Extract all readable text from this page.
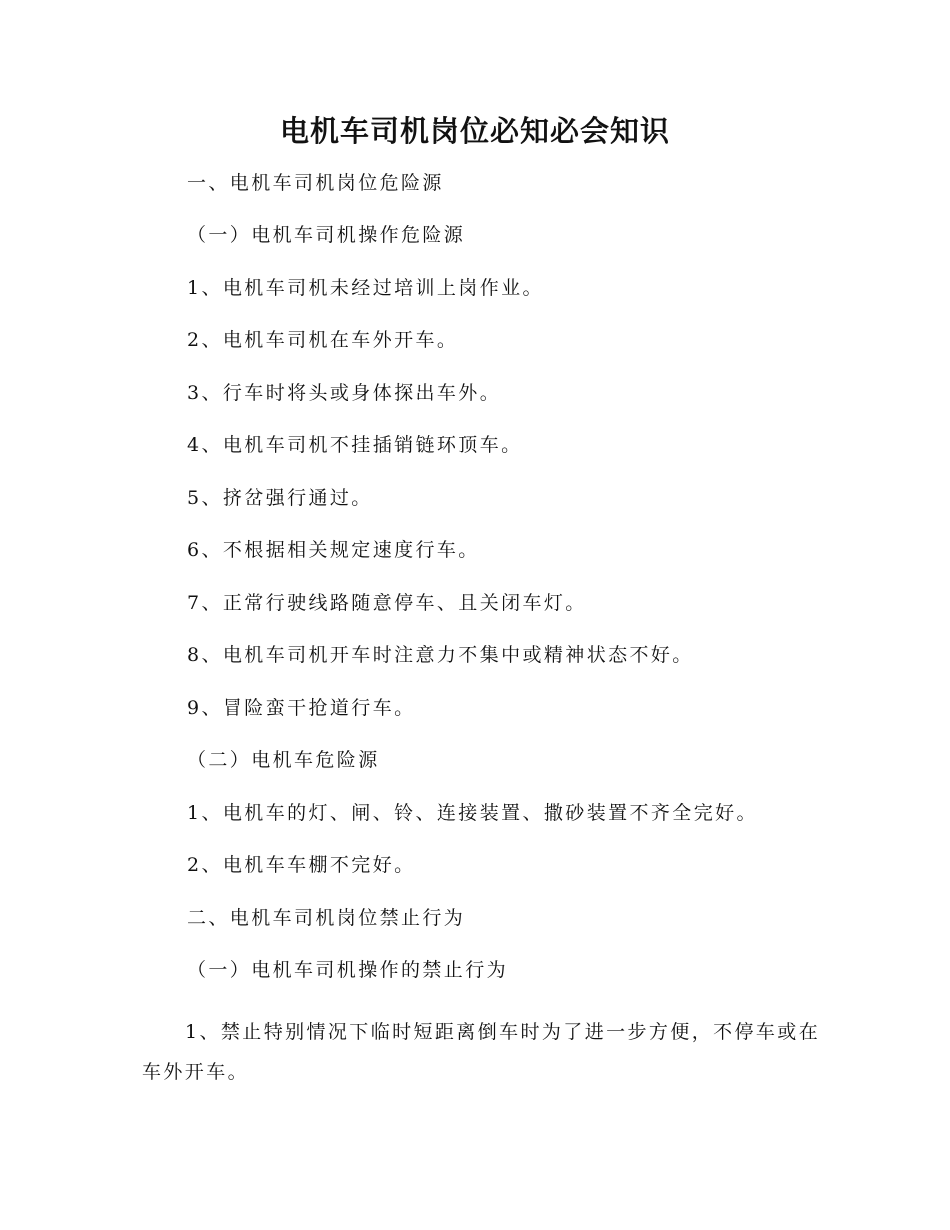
电机车司机岗位必知必会知识
一、电机车司机岗位危险源
（一）电机车司机操作危险源
1、电机车司机未经过培训上岗作业。
2、电机车司机在车外开车。
3、行车时将头或身体探出车外。
4、电机车司机不挂插销链环顶车。
5、挤岔强行通过。
6、不根据相关规定速度行车。
7、正常行驶线路随意停车、且关闭车灯。
8、电机车司机开车时注意力不集中或精神状态不好。
9、冒险蛮干抢道行车。
（二）电机车危险源
1、电机车的灯、闸、铃、连接装置、撒砂装置不齐全完好。
2、电机车车棚不完好。
二、电机车司机岗位禁止行为
（一）电机车司机操作的禁止行为
1、禁止特别情况下临时短距离倒车时为了进一步方便，不停车或在车外开车。
